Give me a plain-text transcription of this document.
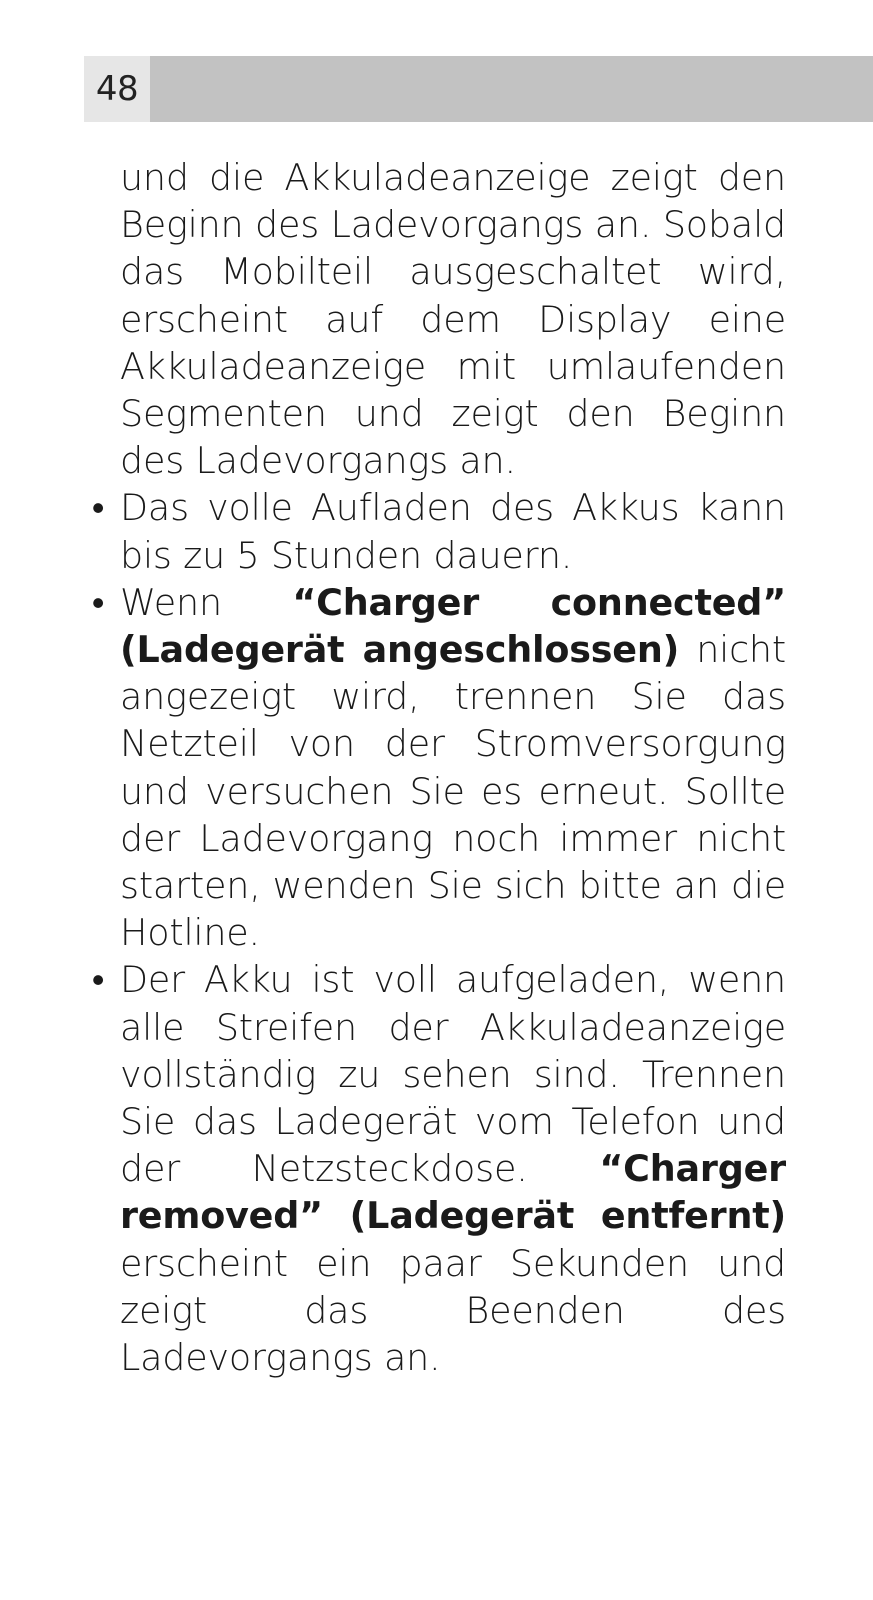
48

und die Akkuladeanzeige zeigt den Beginn des Ladevorgangs an. Sobald das Mobilteil ausgeschaltet wird, erscheint auf dem Display eine Akkuladeanzeige mit umlaufenden Segmenten und zeigt den Beginn des Ladevorgangs an.

• Das volle Aufladen des Akkus kann bis zu 5 Stunden dauern.
• Wenn “Charger connected” (Ladegerät angeschlossen) nicht angezeigt wird, trennen Sie das Netzteil von der Stromversorgung und versuchen Sie es erneut. Sollte der Ladevorgang noch immer nicht starten, wenden Sie sich bitte an die Hotline.
• Der Akku ist voll aufgeladen, wenn alle Streifen der Akkuladeanzeige vollständig zu sehen sind. Trennen Sie das Ladegerät vom Telefon und der Netzsteckdose. “Charger removed” (Ladegerät entfernt) erscheint ein paar Sekunden und zeigt das Beenden des Ladevorgangs an.
